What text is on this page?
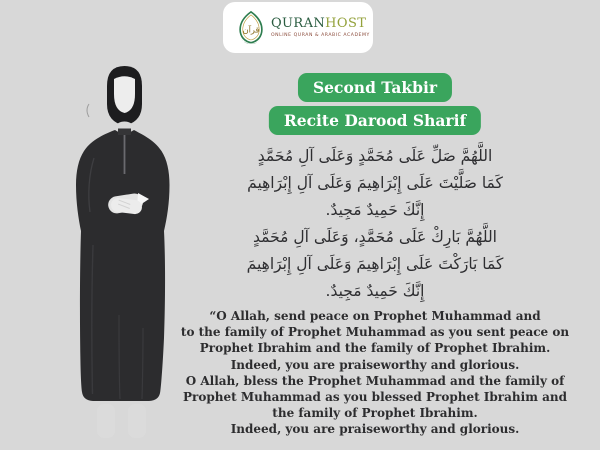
قرآن QURANHOST
ONLINE QURAN & ARABIC ACADEMY
Second Takbir
Recite Darood Sharif
اللَّهُمَّ صَلِّ عَلَى مُحَمَّدٍ وَعَلَى آلِ مُحَمَّدٍ
كَمَا صَلَّيْتَ عَلَى إِبْرَاهِيمَ وَعَلَى آلِ إِبْرَاهِيمَ
إِنَّكَ حَمِيدٌ مَجِيدٌ.
اللَّهُمَّ بَارِكْ عَلَى مُحَمَّدٍ، وَعَلَى آلِ مُحَمَّدٍ
كَمَا بَارَكْتَ عَلَى إِبْرَاهِيمَ وَعَلَى آلِ إِبْرَاهِيمَ
إِنَّكَ حَمِيدٌ مَجِيدٌ.
“O Allah, send peace on Prophet Muhammad and
to the family of Prophet Muhammad as you sent peace on
Prophet Ibrahim and the family of Prophet Ibrahim.
Indeed, you are praiseworthy and glorious.
O Allah, bless the Prophet Muhammad and the family of
Prophet Muhammad as you blessed Prophet Ibrahim and
the family of Prophet Ibrahim.
Indeed, you are praiseworthy and glorious.
